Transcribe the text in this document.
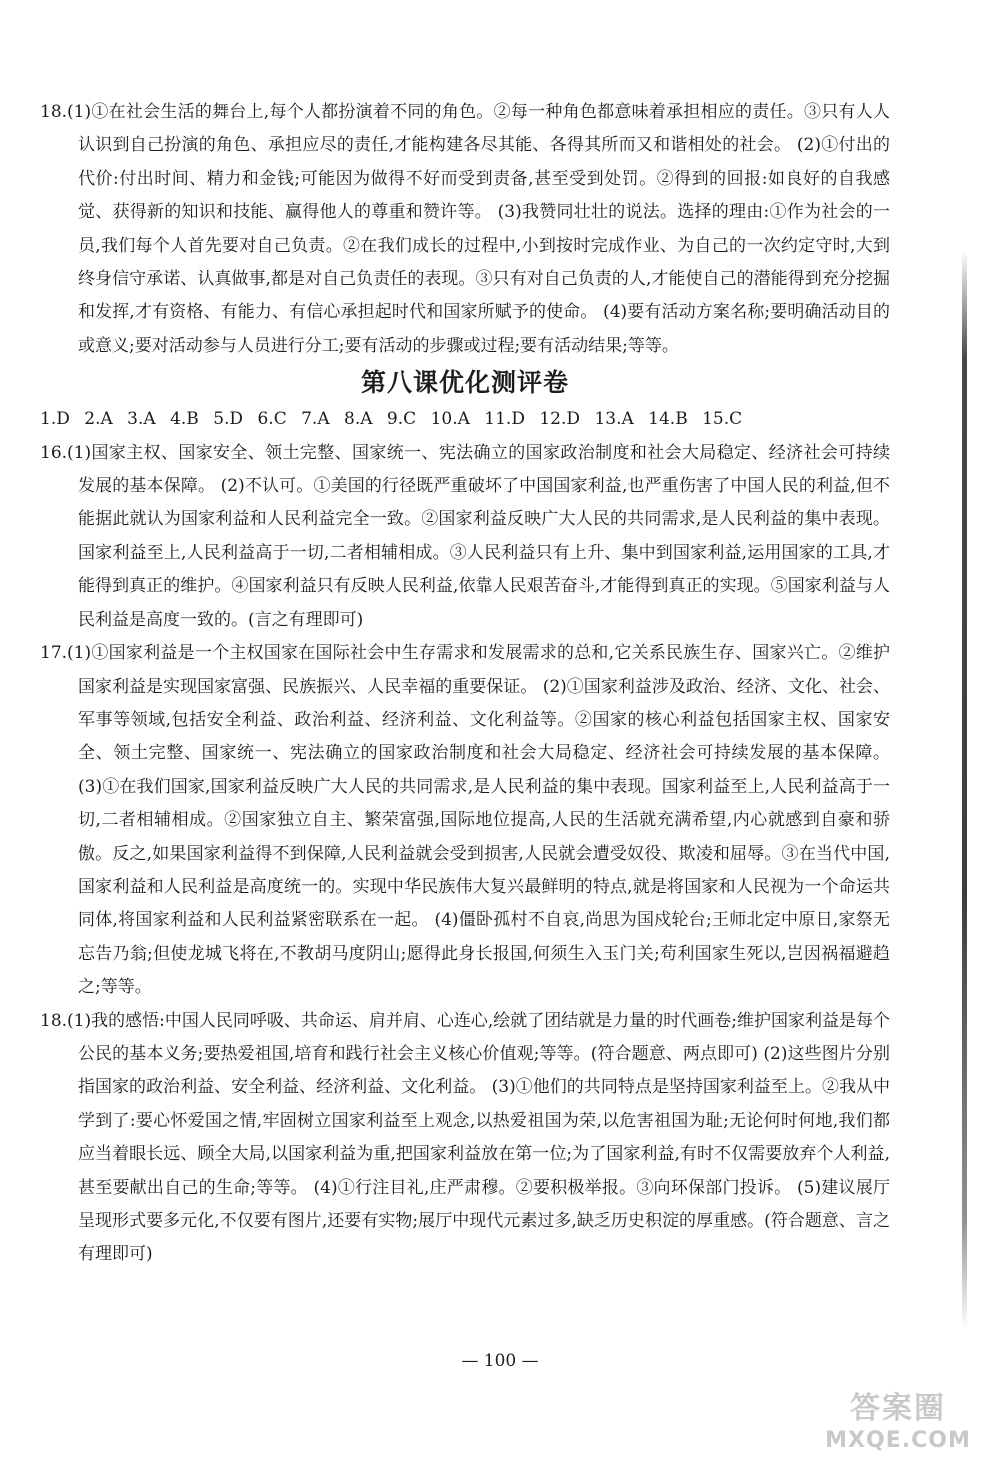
18.(1)①在社会生活的舞台上,每个人都扮演着不同的角色。②每一种角色都意味着承担相应的责任。③只有人人认识到自己扮演的角色、承担应尽的责任,才能构建各尽其能、各得其所而又和谐相处的社会。 (2)①付出的代价:付出时间、精力和金钱;可能因为做得不好而受到责备,甚至受到处罚。②得到的回报:如良好的自我感觉、获得新的知识和技能、赢得他人的尊重和赞许等。 (3)我赞同壮壮的说法。选择的理由:①作为社会的一员,我们每个人首先要对自己负责。②在我们成长的过程中,小到按时完成作业、为自己的一次约定守时,大到终身信守承诺、认真做事,都是对自己负责任的表现。③只有对自己负责的人,才能使自己的潜能得到充分挖掘和发挥,才有资格、有能力、有信心承担起时代和国家所赋予的使命。 (4)要有活动方案名称;要明确活动目的或意义;要对活动参与人员进行分工;要有活动的步骤或过程;要有活动结果;等等。

第八课优化测评卷

1.D 2.A 3.A 4.B 5.D 6.C 7.A 8.A 9.C 10.A 11.D 12.D 13.A 14.B 15.C

16.(1)国家主权、国家安全、领土完整、国家统一、宪法确立的国家政治制度和社会大局稳定、经济社会可持续发展的基本保障。 (2)不认可。①美国的行径既严重破坏了中国国家利益,也严重伤害了中国人民的利益,但不能据此就认为国家利益和人民利益完全一致。②国家利益反映广大人民的共同需求,是人民利益的集中表现。国家利益至上,人民利益高于一切,二者相辅相成。③人民利益只有上升、集中到国家利益,运用国家的工具,才能得到真正的维护。④国家利益只有反映人民利益,依靠人民艰苦奋斗,才能得到真正的实现。⑤国家利益与人民利益是高度一致的。(言之有理即可)

17.(1)①国家利益是一个主权国家在国际社会中生存需求和发展需求的总和,它关系民族生存、国家兴亡。②维护国家利益是实现国家富强、民族振兴、人民幸福的重要保证。 (2)①国家利益涉及政治、经济、文化、社会、军事等领域,包括安全利益、政治利益、经济利益、文化利益等。②国家的核心利益包括国家主权、国家安全、领土完整、国家统一、宪法确立的国家政治制度和社会大局稳定、经济社会可持续发展的基本保障。 (3)①在我们国家,国家利益反映广大人民的共同需求,是人民利益的集中表现。国家利益至上,人民利益高于一切,二者相辅相成。②国家独立自主、繁荣富强,国际地位提高,人民的生活就充满希望,内心就感到自豪和骄傲。反之,如果国家利益得不到保障,人民利益就会受到损害,人民就会遭受奴役、欺凌和屈辱。③在当代中国,国家利益和人民利益是高度统一的。实现中华民族伟大复兴最鲜明的特点,就是将国家和人民视为一个命运共同体,将国家利益和人民利益紧密联系在一起。 (4)僵卧孤村不自哀,尚思为国戍轮台;王师北定中原日,家祭无忘告乃翁;但使龙城飞将在,不教胡马度阴山;愿得此身长报国,何须生入玉门关;苟利国家生死以,岂因祸福避趋之;等等。

18.(1)我的感悟:中国人民同呼吸、共命运、肩并肩、心连心,绘就了团结就是力量的时代画卷;维护国家利益是每个公民的基本义务;要热爱祖国,培育和践行社会主义核心价值观;等等。(符合题意、两点即可) (2)这些图片分别指国家的政治利益、安全利益、经济利益、文化利益。 (3)①他们的共同特点是坚持国家利益至上。②我从中学到了:要心怀爱国之情,牢固树立国家利益至上观念,以热爱祖国为荣,以危害祖国为耻;无论何时何地,我们都应当着眼长远、顾全大局,以国家利益为重,把国家利益放在第一位;为了国家利益,有时不仅需要放弃个人利益,甚至要献出自己的生命;等等。 (4)①行注目礼,庄严肃穆。②要积极举报。③向环保部门投诉。 (5)建议展厅呈现形式要多元化,不仅要有图片,还要有实物;展厅中现代元素过多,缺乏历史积淀的厚重感。(符合题意、言之有理即可)

— 100 —
答案圈
MXQE.COM
